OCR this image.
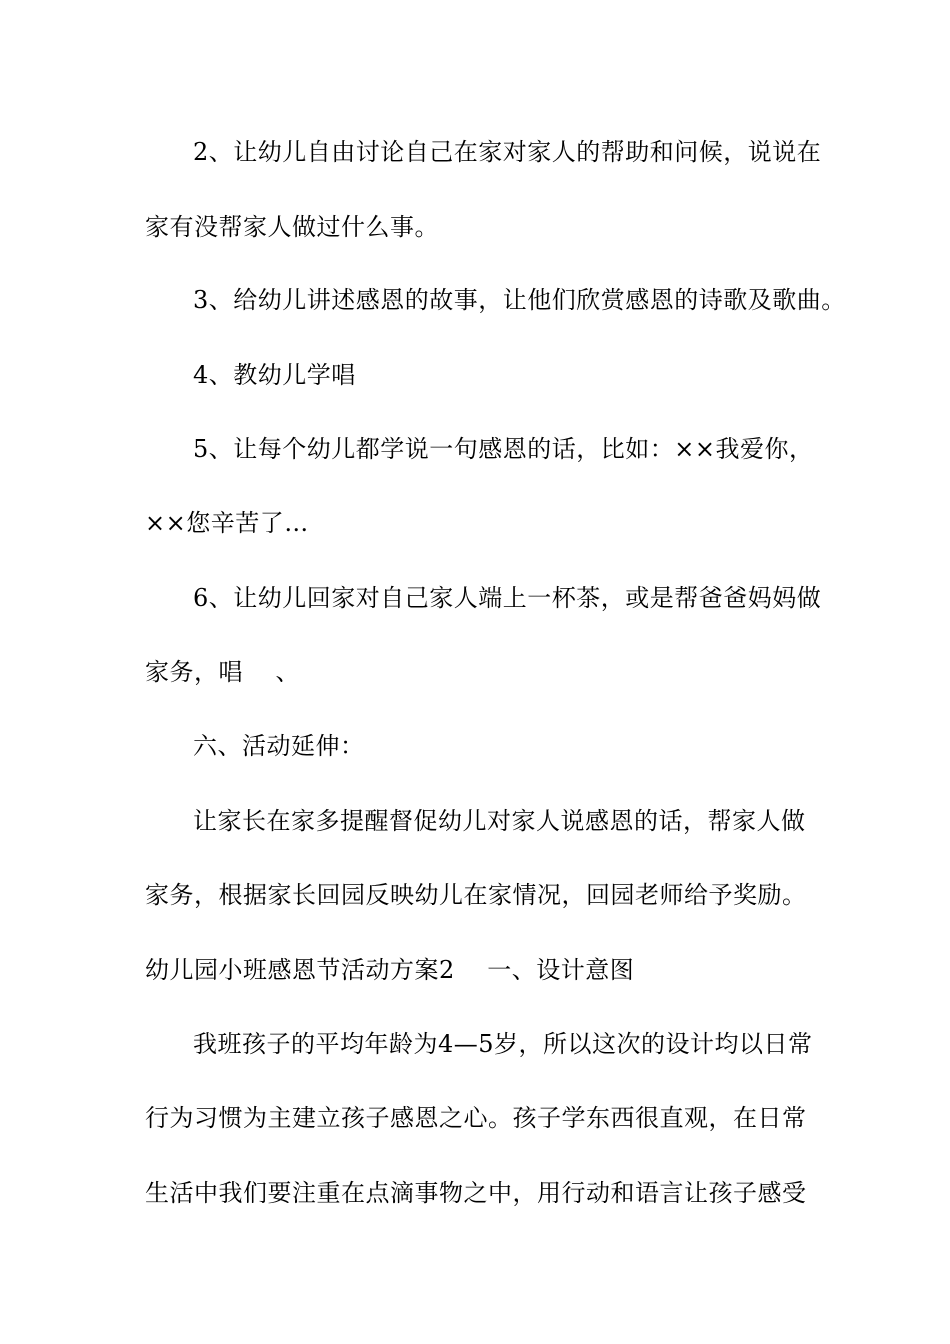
2、让幼儿自由讨论自己在家对家人的帮助和问候，说说在
家有没帮家人做过什么事。
3、给幼儿讲述感恩的故事，让他们欣赏感恩的诗歌及歌曲。
4、教幼儿学唱
5、让每个幼儿都学说一句感恩的话，比如：××我爱你，
××您辛苦了…
6、让幼儿回家对自己家人端上一杯茶，或是帮爸爸妈妈做
家务，唱    、
六、活动延伸：
让家长在家多提醒督促幼儿对家人说感恩的话，帮家人做
家务，根据家长回园反映幼儿在家情况，回园老师给予奖励。
幼儿园小班感恩节活动方案2    一、设计意图
我班孩子的平均年龄为4—5岁，所以这次的设计均以日常
行为习惯为主建立孩子感恩之心。孩子学东西很直观，在日常
生活中我们要注重在点滴事物之中，用行动和语言让孩子感受
